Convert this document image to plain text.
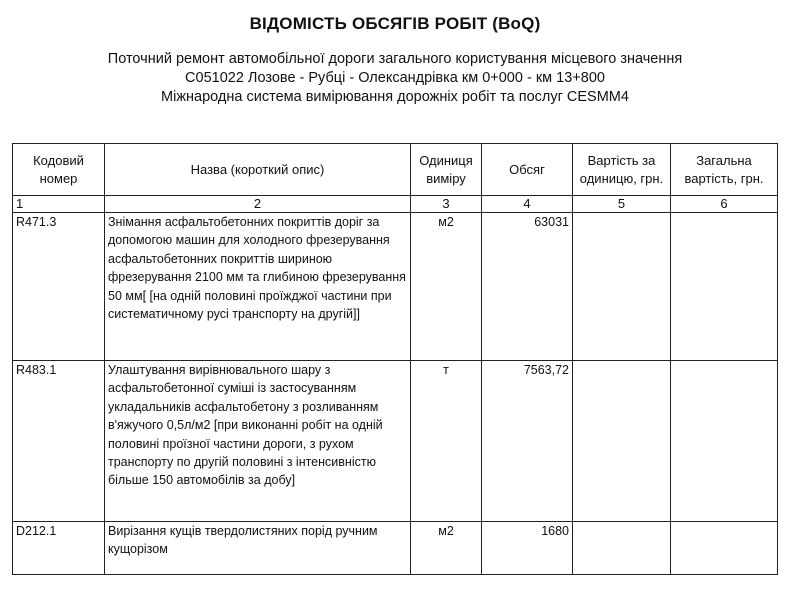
ВІДОМІСТЬ ОБСЯГІВ РОБІТ (BoQ)
Поточний ремонт автомобільної дороги загального користування місцевого значення
С051022 Лозове - Рубці - Олександрівка км 0+000 - км 13+800
Міжнародна система вимірювання дорожніх робіт та послуг CESMM4
Кодовий номер	Назва (короткий опис)	Одиниця виміру	Обсяг	Вартість за одиницю, грн.	Загальна вартість, грн.
1	2	3	4	5	6
R471.3	Знімання асфальтобетонних покриттів доріг за допомогою машин для холодного фрезерування асфальтобетонних покриттів шириною фрезерування 2100 мм та глибиною фрезерування 50 мм[ [на одній половині проїжджої частини при систематичному русі транспорту на другій]]	м2	63031		
R483.1	Улаштування вирівнювального шару з асфальтобетонної суміші із застосуванням укладальників асфальтобетону з розливанням в'яжучого 0,5л/м2 [при виконанні робіт на одній половині проїзної частини дороги, з рухом транспорту по другій половині з інтенсивністю більше 150 автомобілів за добу]	т	7563,72		
D212.1	Вирізання кущів твердолистяних порід ручним кущорізом	м2	1680		
